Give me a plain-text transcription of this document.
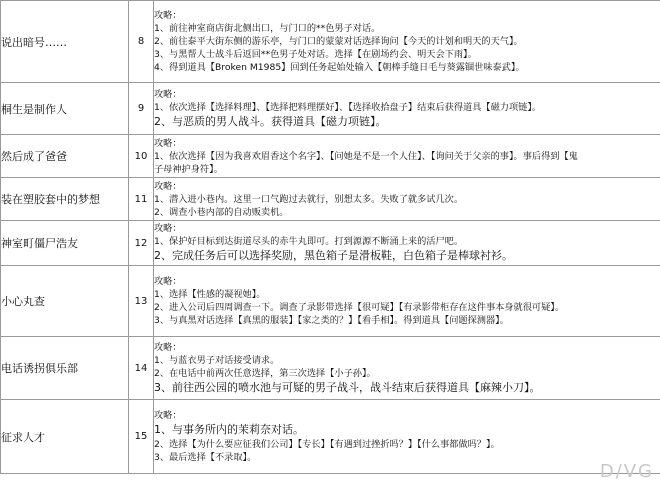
说出暗号……	8	攻略：
1、前往神室商店街北侧出口，与门口的**色男子对话。
2、前往泰平大街东侧的游乐亭，与门口的蒙蒙对话选择询问【今天的计划和明天的天气】。
3、与黑帮人士战斗后返回**色男子处对话。选择【在剧场约会、明天会下雨】。
4、得到道具【Broken M1985】回到任务起始处输入【朝棒手缝日毛与葵露锢世味泰武】。

桐生是制作人	9	攻略：
1、依次选择【选择料理】、【选择把料理摆好】、【选择收拾盘子】结束后获得道具【磁力项链】。
2、与恶质的男人战斗。获得道具【磁力项链】。

然后成了爸爸	10	攻略：
1、依次选择【因为我喜欢眉香这个名字】、【问她是不是一个人住】、【询问关于父亲的事】。事后得到【鬼
子母神护身符】。

装在塑胶套中的梦想	11	攻略：
1、潜入进小巷内。这里一口气跑过去就行，别想太多。失败了就多试几次。
2、调查小巷内部的自动贩卖机。

神室町僵尸浩友	12	攻略：
1、保护好目标到达街道尽头的赤牛丸即可。打到源源不断涌上来的活尸吧。
2、完成任务后可以选择奖励，黑色箱子是滑板鞋，白色箱子是棒球衬衫。

小心丸查	13	攻略：
1、选择【性感的凝视她】。
2、进入公司后四周调查一下。调查了录影带选择【很可疑】【有录影带柜存在这件事本身就很可疑】。
3、与真黑对话选择【真黑的服装】【家之类的？】【看手相】。得到道具【问题探测器】。

电话诱拐俱乐部	14	攻略：
1、与蓝衣男子对话接受请求。
2、在电话中前两次任意选择，第三次选择【小子孙】。
3、前往西公园的喷水池与可疑的男子战斗，战斗结束后获得道具【麻辣小刀】。

征求人才	15	攻略：
1、与事务所内的茉莉奈对话。
2、选择【为什么要应征我们公司】【专长】【有遇到过挫折吗？】【什么事都做吗？】。
3、最后选择【不录取】。
D/VG
